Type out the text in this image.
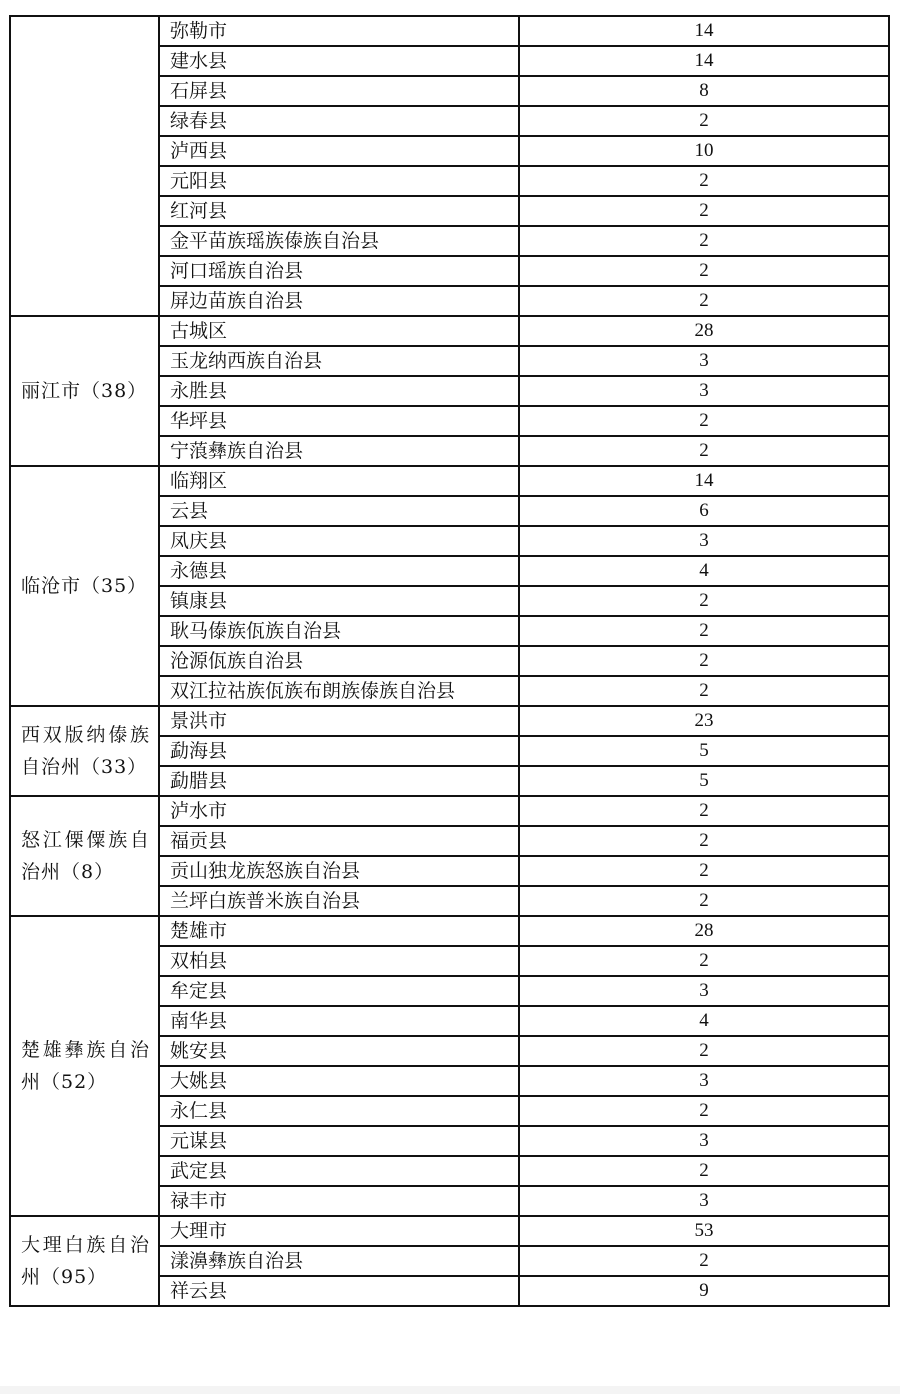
	弥勒市	14
	建水县	14
	石屏县	8
	绿春县	2
	泸西县	10
	元阳县	2
	红河县	2
	金平苗族瑶族傣族自治县	2
	河口瑶族自治县	2
	屏边苗族自治县	2
丽江市（38）	古城区	28
	玉龙纳西族自治县	3
	永胜县	3
	华坪县	2
	宁蒗彝族自治县	2
临沧市（35）	临翔区	14
	云县	6
	凤庆县	3
	永德县	4
	镇康县	2
	耿马傣族佤族自治县	2
	沧源佤族自治县	2
	双江拉祜族佤族布朗族傣族自治县	2
西双版纳傣族自治州（33）	景洪市	23
	勐海县	5
	勐腊县	5
怒江傈僳族自治州（8）	泸水市	2
	福贡县	2
	贡山独龙族怒族自治县	2
	兰坪白族普米族自治县	2
楚雄彝族自治州（52）	楚雄市	28
	双柏县	2
	牟定县	3
	南华县	4
	姚安县	2
	大姚县	3
	永仁县	2
	元谋县	3
	武定县	2
	禄丰市	3
大理白族自治州（95）	大理市	53
	漾濞彝族自治县	2
	祥云县	9
